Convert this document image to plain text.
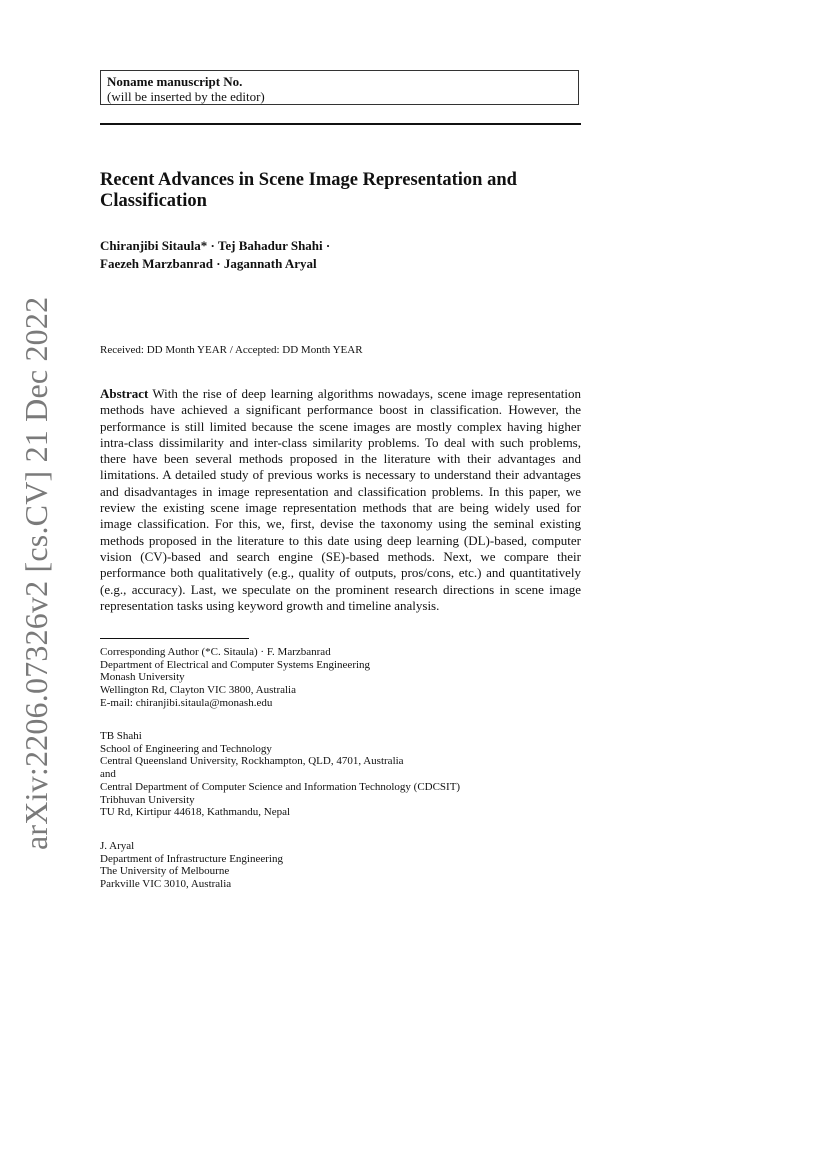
Noname manuscript No.
(will be inserted by the editor)
Recent Advances in Scene Image Representation and Classification
Chiranjibi Sitaula* · Tej Bahadur Shahi ·
Faezeh Marzbanrad · Jagannath Aryal
Received: DD Month YEAR / Accepted: DD Month YEAR
Abstract With the rise of deep learning algorithms nowadays, scene image representation methods have achieved a significant performance boost in classification. However, the performance is still limited because the scene images are mostly complex having higher intra-class dissimilarity and inter-class similarity problems. To deal with such problems, there have been several methods proposed in the literature with their advantages and limitations. A detailed study of previous works is necessary to understand their advantages and disadvantages in image representation and classification problems. In this paper, we review the existing scene image representation methods that are being widely used for image classification. For this, we, first, devise the taxonomy using the seminal existing methods proposed in the literature to this date using deep learning (DL)-based, computer vision (CV)-based and search engine (SE)-based methods. Next, we compare their performance both qualitatively (e.g., quality of outputs, pros/cons, etc.) and quantitatively (e.g., accuracy). Last, we speculate on the prominent research directions in scene image representation tasks using keyword growth and timeline analysis.
Corresponding Author (*C. Sitaula) · F. Marzbanrad
Department of Electrical and Computer Systems Engineering
Monash University
Wellington Rd, Clayton VIC 3800, Australia
E-mail: chiranjibi.sitaula@monash.edu
TB Shahi
School of Engineering and Technology
Central Queensland University, Rockhampton, QLD, 4701, Australia
and
Central Department of Computer Science and Information Technology (CDCSIT)
Tribhuvan University
TU Rd, Kirtipur 44618, Kathmandu, Nepal
J. Aryal
Department of Infrastructure Engineering
The University of Melbourne
Parkville VIC 3010, Australia
arXiv:2206.07326v2 [cs.CV] 21 Dec 2022
